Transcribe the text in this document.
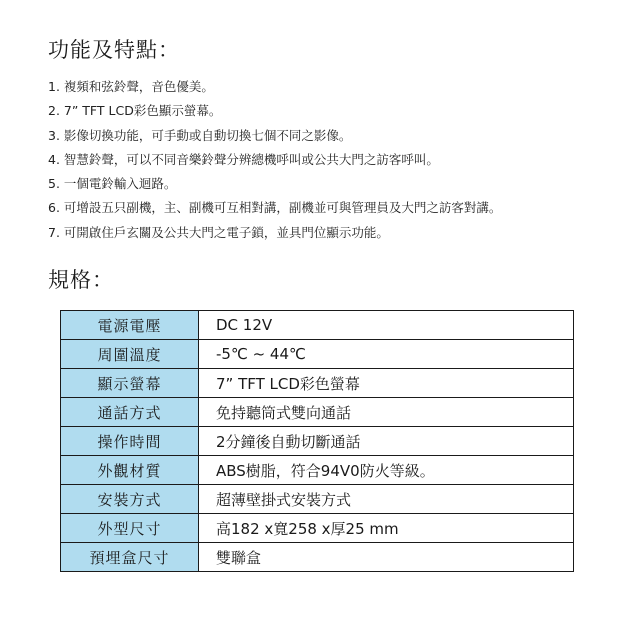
功能及特點：
1. 複頻和弦鈴聲，音色優美。
2. 7” TFT LCD彩色顯示螢幕。
3. 影像切換功能，可手動或自動切換七個不同之影像。
4. 智慧鈴聲，可以不同音樂鈴聲分辨總機呼叫或公共大門之訪客呼叫。
5. 一個電鈴輸入迴路。
6. 可增設五只副機，主、副機可互相對講，副機並可與管理員及大門之訪客對講。
7. 可開啟住戶玄關及公共大門之電子鎖，並具門位顯示功能。
規格：
電源電壓	DC 12V
周圍溫度	-5℃ ~ 44℃
顯示螢幕	7” TFT LCD彩色螢幕
通話方式	免持聽筒式雙向通話
操作時間	2分鐘後自動切斷通話
外觀材質	ABS樹脂，符合94V0防火等級。
安裝方式	超薄壁掛式安裝方式
外型尺寸	高182 x寬258 x厚25 mm
預埋盒尺寸	雙聯盒
